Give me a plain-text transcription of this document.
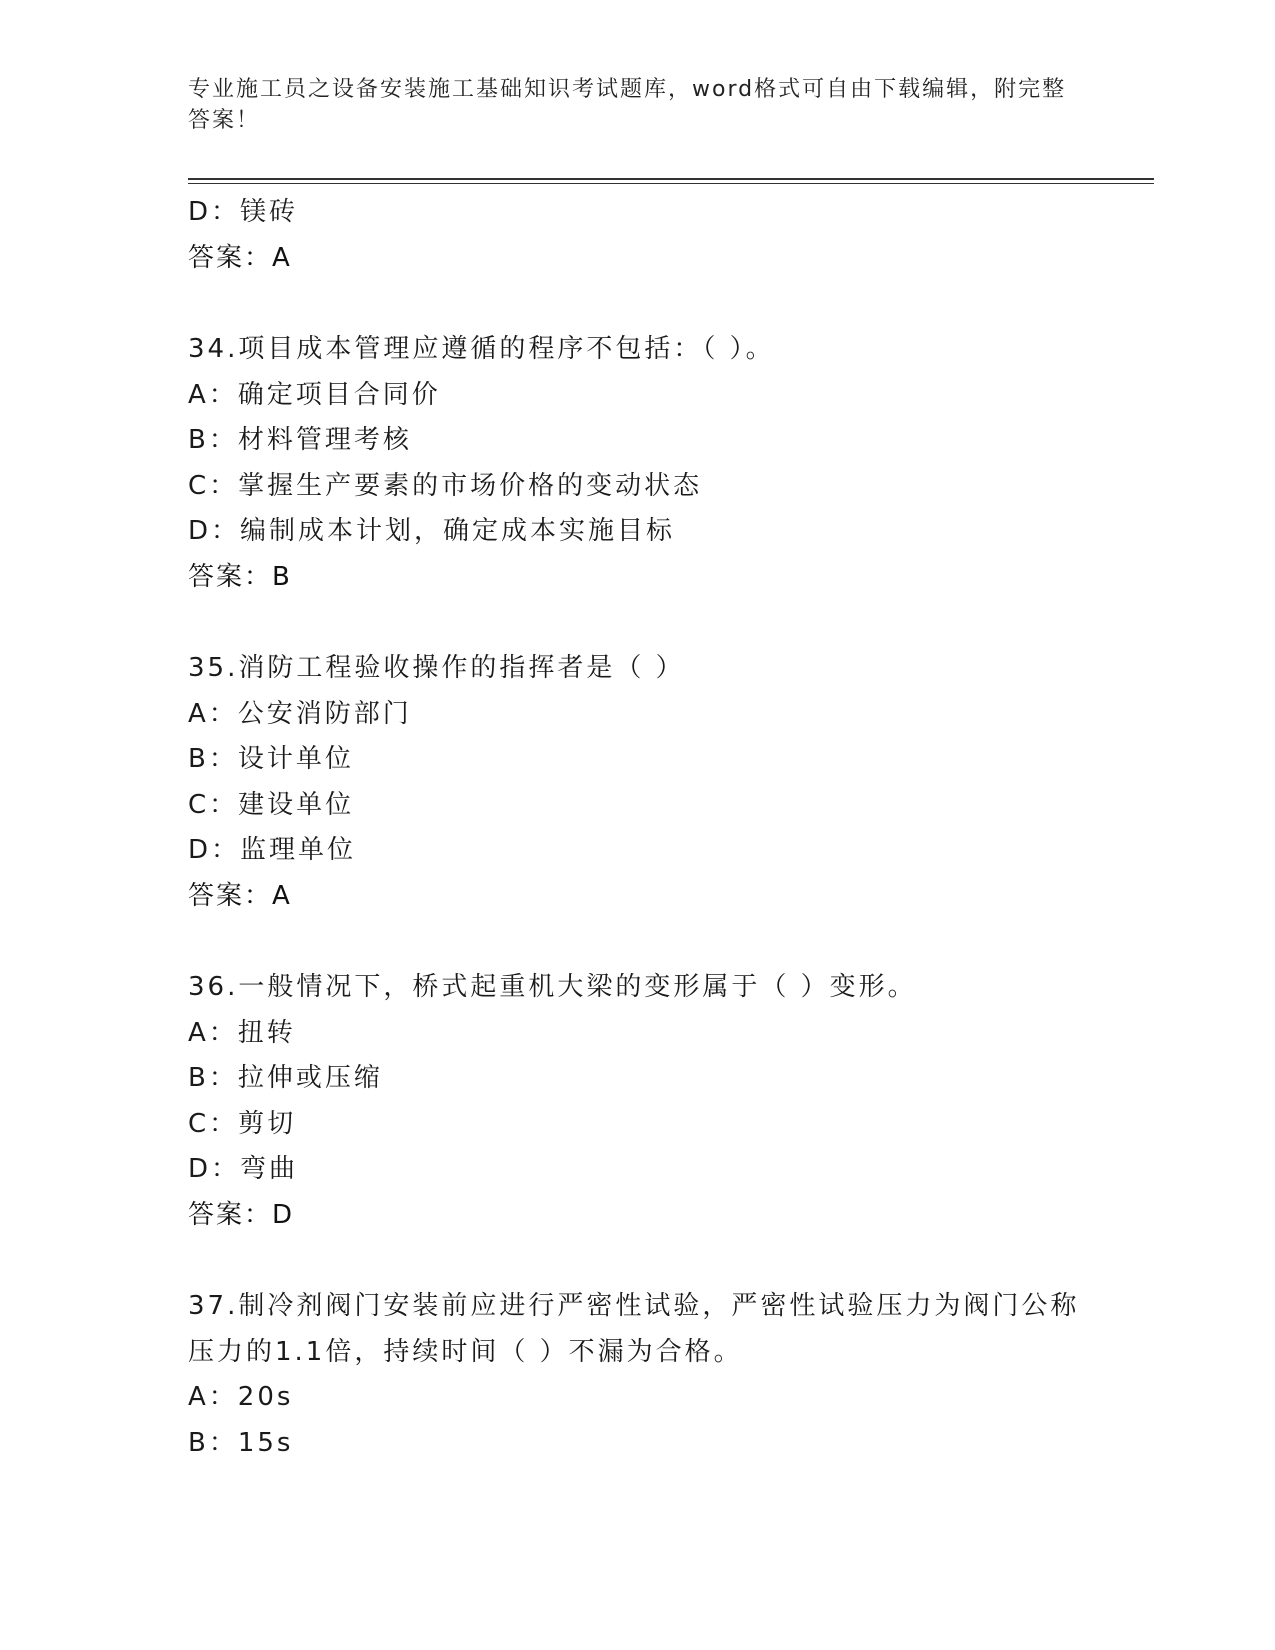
专业施工员之设备安装施工基础知识考试题库，word格式可自由下载编辑，附完整答案！
D：镁砖
答案：A
34.项目成本管理应遵循的程序不包括：（ ）。
A：确定项目合同价
B：材料管理考核
C：掌握生产要素的市场价格的变动状态
D：编制成本计划，确定成本实施目标
答案：B
35.消防工程验收操作的指挥者是（ ）
A：公安消防部门
B：设计单位
C：建设单位
D：监理单位
答案：A
36.一般情况下，桥式起重机大梁的变形属于（ ）变形。
A：扭转
B：拉伸或压缩
C：剪切
D：弯曲
答案：D
37.制冷剂阀门安装前应进行严密性试验，严密性试验压力为阀门公称
压力的1.1倍，持续时间（ ）不漏为合格。
A：20s
B：15s
